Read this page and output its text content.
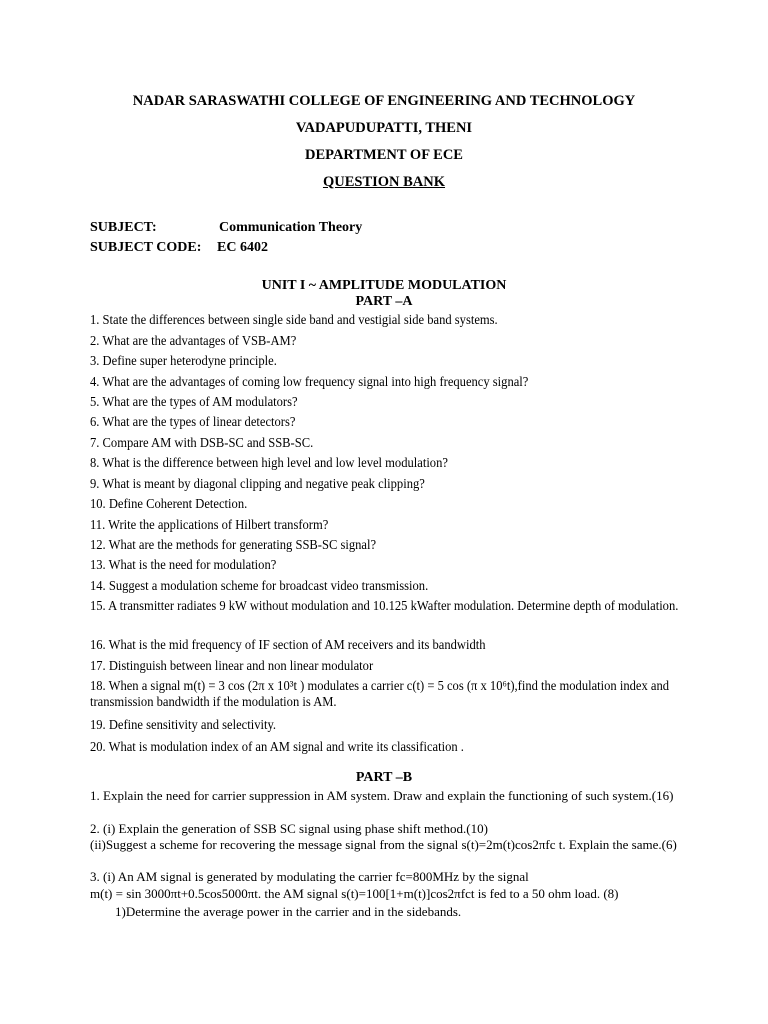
NADAR SARASWATHI COLLEGE OF ENGINEERING AND TECHNOLOGY
VADAPUDUPATTI, THENI
DEPARTMENT OF ECE
QUESTION BANK
SUBJECT:	Communication Theory
SUBJECT CODE: EC 6402
UNIT I ~ AMPLITUDE MODULATION
PART –A
1. State the differences between single side band and vestigial side band systems.
2. What are the advantages of VSB-AM?
3. Define super heterodyne principle.
4. What are the advantages of coming low frequency signal into high frequency signal?
5. What are the types of AM modulators?
6. What are the types of linear detectors?
7. Compare AM with DSB-SC and SSB-SC.
8. What is the difference between high level and low level modulation?
9. What is meant by diagonal clipping and negative peak clipping?
10. Define Coherent Detection.
11. Write the applications of Hilbert transform?
12. What are the methods for generating SSB-SC signal?
13. What is the need for modulation?
14. Suggest a modulation scheme for broadcast video transmission.
15. A transmitter radiates 9 kW without modulation and 10.125 kWafter modulation. Determine depth of modulation.
16. What is the mid frequency of IF section of AM receivers and its bandwidth
17. Distinguish between linear and non linear modulator
18. When a signal m(t) = 3 cos (2π x 10³t ) modulates a carrier c(t) = 5 cos (π x 10⁶t),find the modulation index and transmission bandwidth if the modulation is AM.
19. Define sensitivity and selectivity.
20. What is modulation index of an AM signal and write its classification .
PART –B
1. Explain the need for carrier suppression in AM system. Draw and explain the functioning of such system.(16)
2. (i) Explain the generation of SSB SC signal using phase shift method.(10)
(ii)Suggest a scheme for recovering the message signal from the signal s(t)=2m(t)cos2πfc t. Explain the same.(6)
3. (i) An AM signal is generated by modulating the carrier fc=800MHz by the signal
m(t) = sin 3000πt+0.5cos5000πt. the AM signal s(t)=100[1+m(t)]cos2πfct is fed to a 50 ohm load. (8)
1)Determine the average power in the carrier and in the sidebands.
